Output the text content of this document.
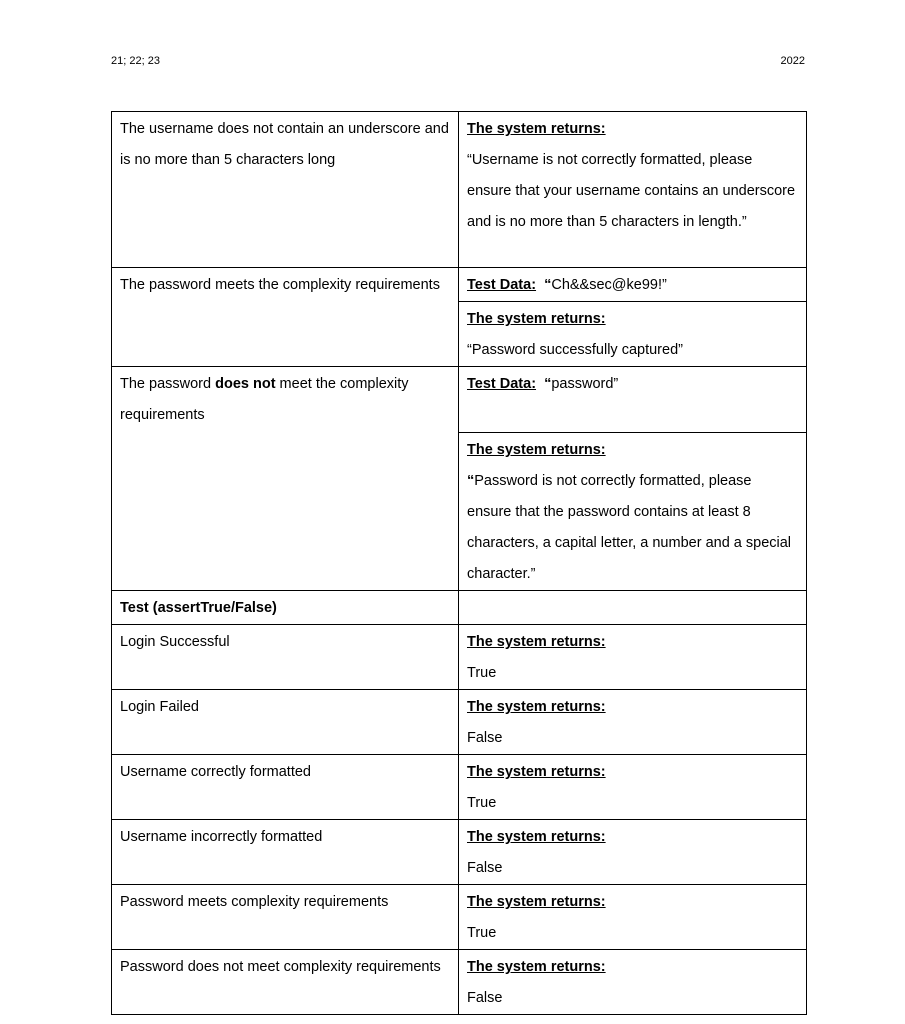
21; 22; 23	2022
The username does not contain an underscore and is no more than 5 characters long	The system returns:
“Username is not correctly formatted, please ensure that your username contains an underscore and is no more than 5 characters in length.”
The password meets the complexity requirements	Test Data: “Ch&&sec@ke99!”

	The system returns:
“Password successfully captured”
The password does not meet the complexity requirements	Test Data: “password”

	The system returns:
“Password is not correctly formatted, please ensure that the password contains at least 8 characters, a capital letter, a number and a special character.”
Test (assertTrue/False)	
Login Successful	The system returns:
True
Login Failed	The system returns:
False
Username correctly formatted	The system returns:
True
Username incorrectly formatted	The system returns:
False
Password meets complexity requirements	The system returns:
True
Password does not meet complexity requirements	The system returns:
False
